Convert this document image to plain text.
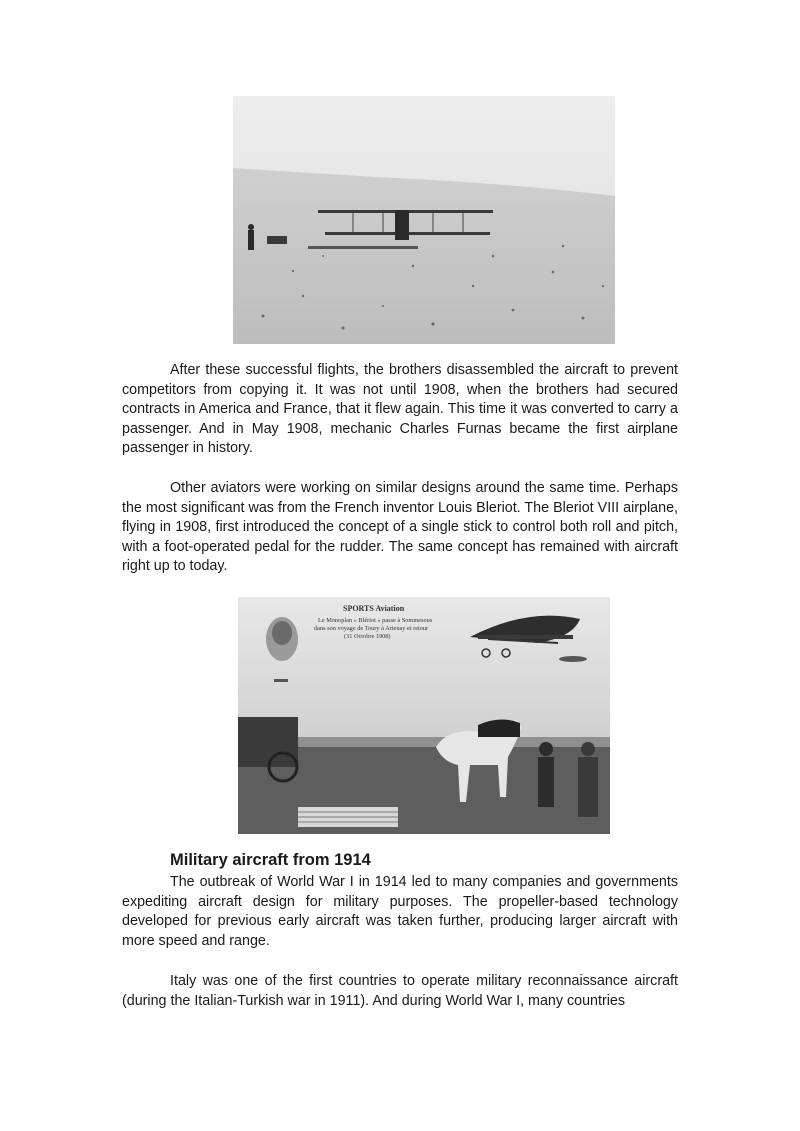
After these successful flights, the brothers disassembled the aircraft to prevent competitors from copying it. It was not until 1908, when the brothers had secured contracts in America and France, that it flew again. This time it was converted to carry a passenger. And in May 1908, mechanic Charles Furnas became the first airplane passenger in history.

Other aviators were working on similar designs around the same time. Perhaps the most significant was from the French inventor Louis Bleriot. The Bleriot VIII airplane, flying in 1908, first introduced the concept of a single stick to control both roll and pitch, with a foot-operated pedal for the rudder. The same concept has remained with aircraft right up to today.

SPORTS Aviation
Le Monoplan « Blériot » passe à Sommesous
dans son voyage de Toury à Artenay et retour
(31 Octobre 1908)
Military aircraft from 1914

The outbreak of World War I in 1914 led to many companies and governments expediting aircraft design for military purposes. The propeller-based technology developed for previous early aircraft was taken further, producing larger aircraft with more speed and range.

Italy was one of the first countries to operate military reconnaissance aircraft (during the Italian-Turkish war in 1911). And during World War I, many countries
